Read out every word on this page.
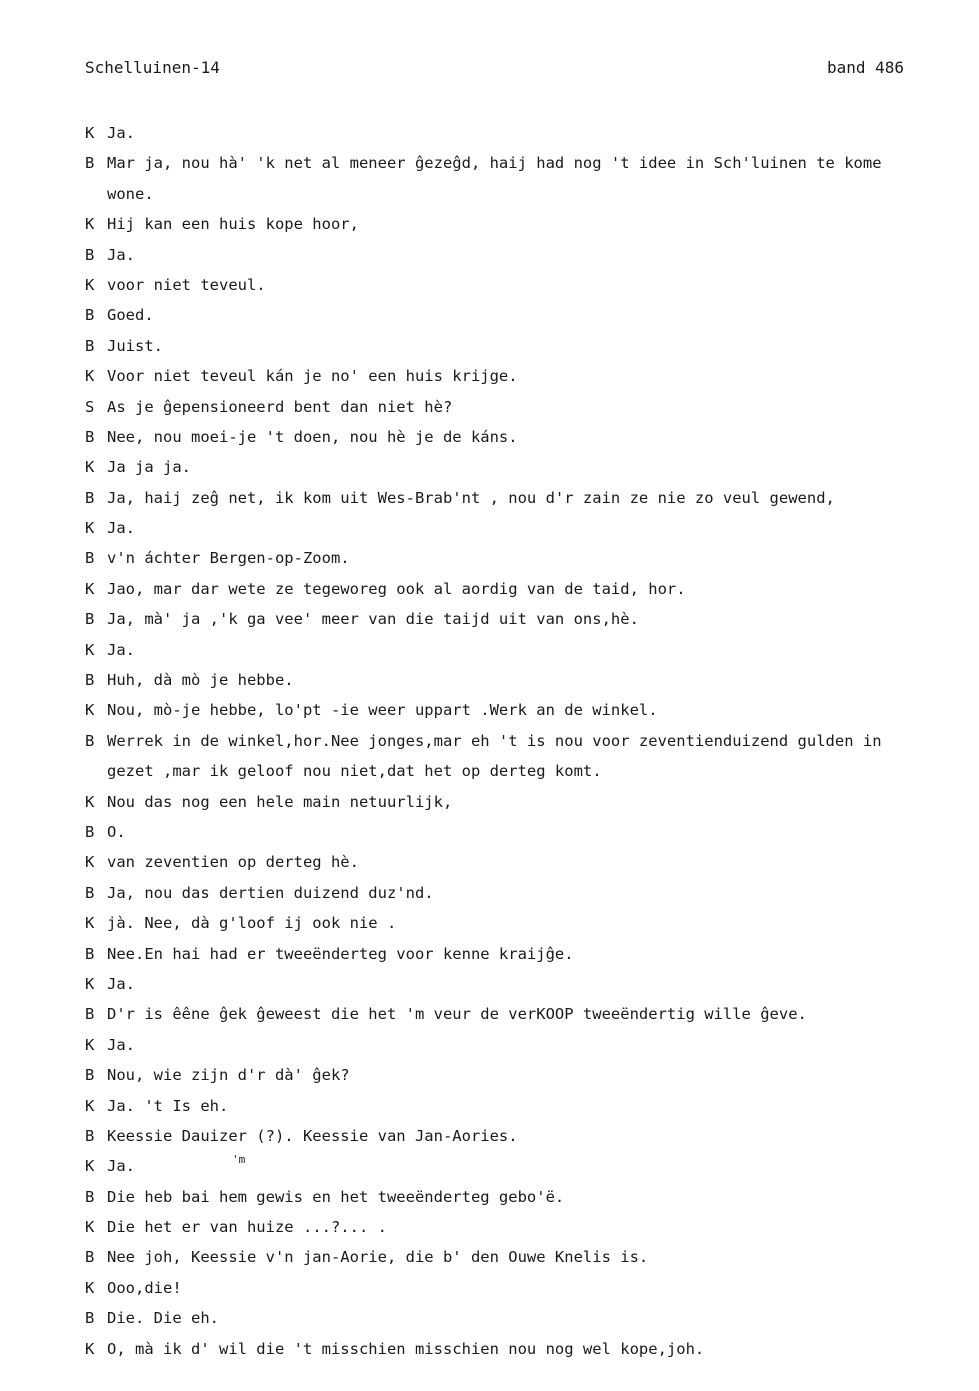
Schelluinen-14	band 486
K Ja.
B Mar ja, nou hà' 'k net al meneer ĝezeĝd, haij had nog 't idee in Sch'luinen te kome
wone.
K Hij kan een huis kope hoor,
B Ja.
K voor niet teveul.
B Goed.
B Juist.
K Voor niet teveul kán je no' een huis krijge.
S As je ĝepensioneerd bent dan niet hè?
B Nee, nou moei-je 't doen, nou hè je de káns.
K Ja ja ja.
B Ja, haij zeĝ net, ik kom uit Wes-Brab'nt , nou d'r zain ze nie zo veul gewend,
K Ja.
B v'n áchter Bergen-op-Zoom.
K Jao, mar dar wete ze tegeworeg ook al aordig van de taid, hor.
B Ja, mà' ja ,'k ga vee' meer van die taijd uit van ons,hè.
K Ja.
B Huh, dà mò je hebbe.
K Nou, mò-je hebbe, lo'pt -ie weer uppart .Werk an de winkel.
B Werrek in de winkel,hor.Nee jonges,mar eh 't is nou voor zeventienduizend gulden in
gezet ,mar ik geloof nou niet,dat het op derteg komt.
K Nou das nog een hele main netuurlijk,
B O.
K van zeventien op derteg hè.
B Ja, nou das dertien duizend duz'nd.
K jà. Nee, dà g'loof ij ook nie .
B Nee.En hai had er tweeënderteg voor kenne kraijĝe.
K Ja.
B D'r is êêne ĝek ĝeweest die het 'm veur de verKOOP tweeëndertig wille ĝeve.
K Ja.
B Nou, wie zijn d'r dà' ĝek?
K Ja. 't Is eh.
B Keessie Dauizer (?). Keessie van Jan-Aories.
K Ja.	'm
B Die heb bai hem gewis en het tweeënderteg gebo'ë.
K Die het er van huize ...?... .
B Nee joh, Keessie v'n jan-Aorie, die b' den Ouwe Knelis is.
K Ooo,die!
B Die. Die eh.
K O, mà ik d' wil die 't misschien misschien nou nog wel kope,joh.
